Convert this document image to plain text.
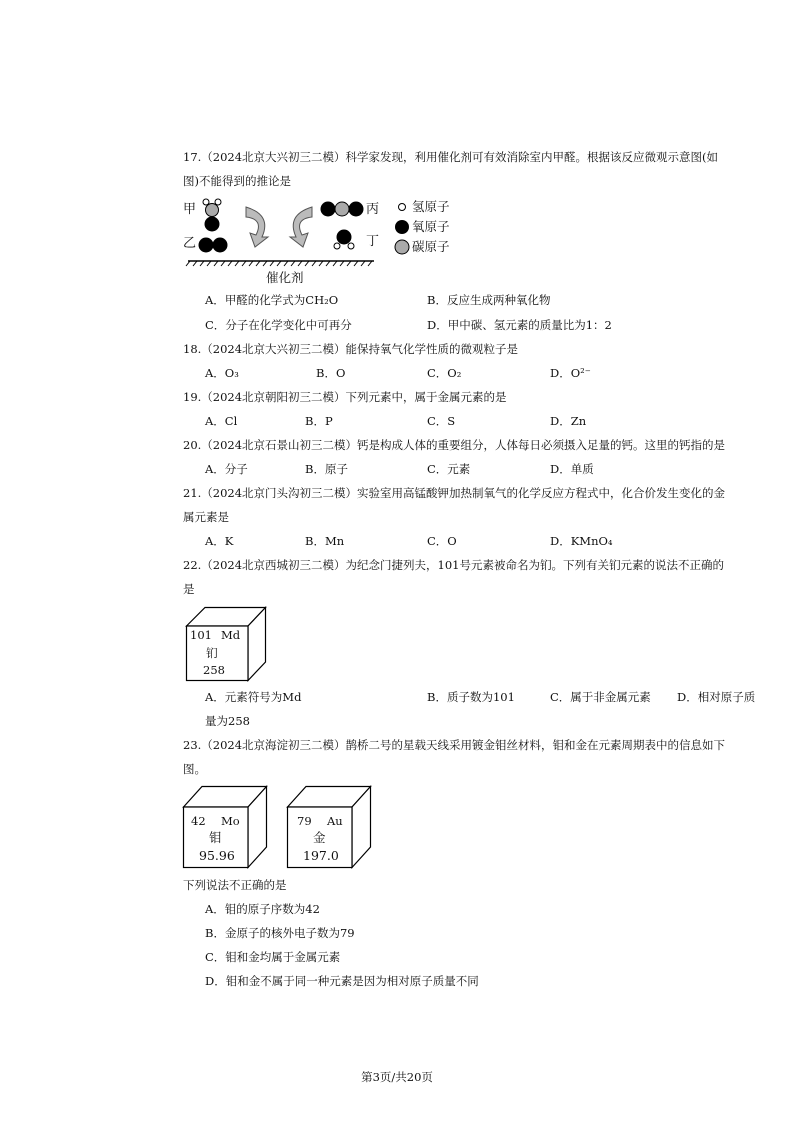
17.（2024北京大兴初三二模）科学家发现，利用催化剂可有效消除室内甲醛。根据该反应微观示意图(如
图)不能得到的推论是
甲
乙
丙
丁
催化剂
氢原子
氧原子
碳原子
A．甲醛的化学式为CH₂O	B．反应生成两种氧化物
C．分子在化学变化中可再分	D．甲中碳、氢元素的质量比为1：2
18.（2024北京大兴初三二模）能保持氧气化学性质的微观粒子是
A．O₃	B．O	C．O₂	D．O²⁻
19.（2024北京朝阳初三二模）下列元素中，属于金属元素的是
A．Cl	B．P	C．S	D．Zn
20.（2024北京石景山初三二模）钙是构成人体的重要组分，人体每日必须摄入足量的钙。这里的钙指的是
A．分子	B．原子	C．元素	D．单质
21.（2024北京门头沟初三二模）实验室用高锰酸钾加热制氧气的化学反应方程式中，化合价发生变化的金
属元素是
A．K	B．Mn	C．O	D．KMnO₄
22.（2024北京西城初三二模）为纪念门捷列夫，101号元素被命名为钔。下列有关钔元素的说法不正确的
是
101 Md
钔
258
A．元素符号为Md	B．质子数为101	C．属于非金属元素 D．相对原子质
量为258
23.（2024北京海淀初三二模）鹊桥二号的星载天线采用镀金钼丝材料，钼和金在元素周期表中的信息如下
图。
42 Mo
钼
95.96
79 Au
金
197.0
下列说法不正确的是
A．钼的原子序数为42
B．金原子的核外电子数为79
C．钼和金均属于金属元素
D．钼和金不属于同一种元素是因为相对原子质量不同
第3页/共20页
